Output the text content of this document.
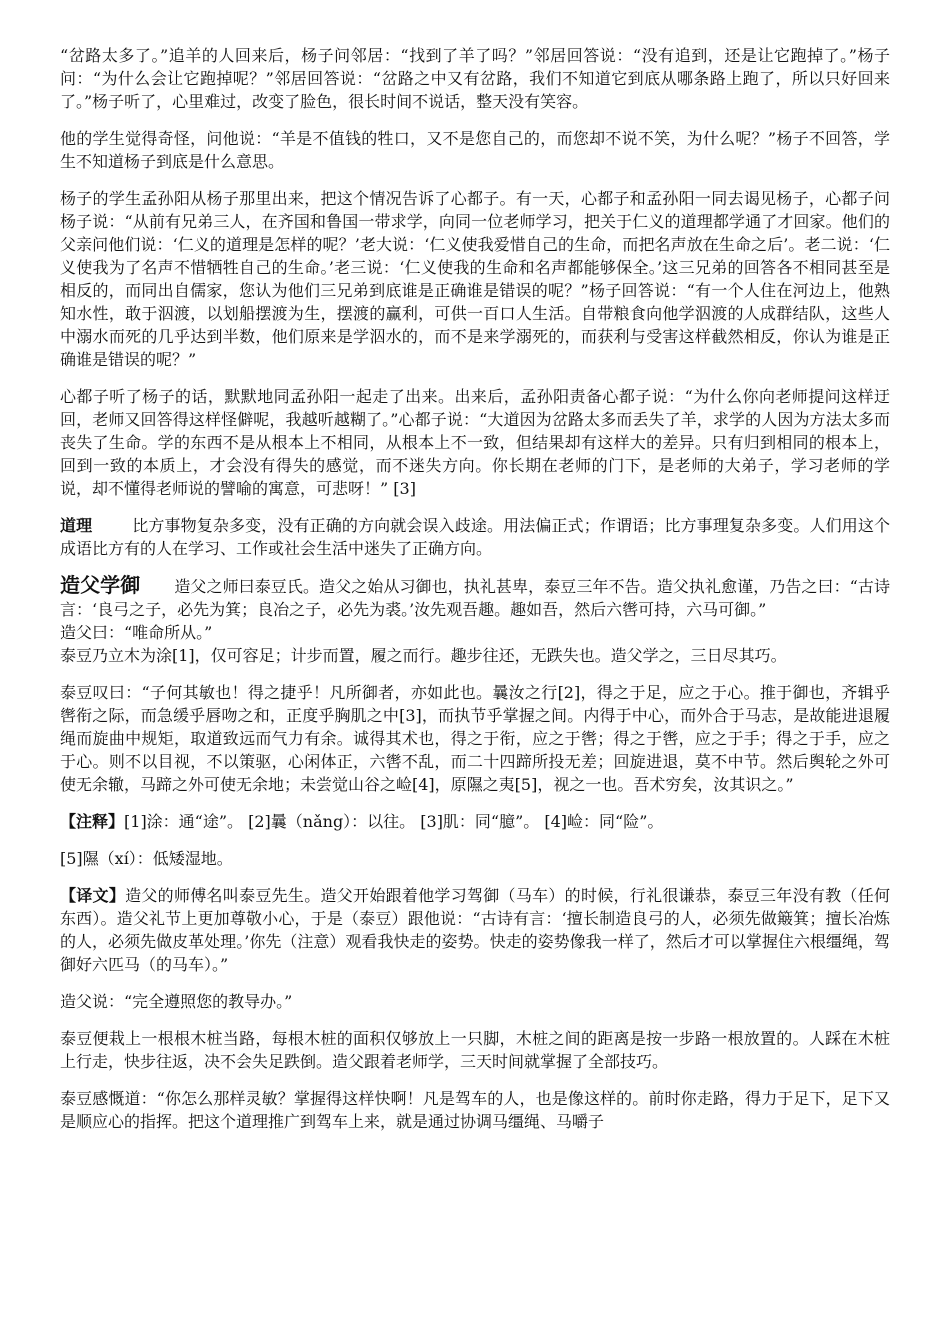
“岔路太多了。”追羊的人回来后，杨子问邻居：“找到了羊了吗？”邻居回答说：“没有追到，还是让它跑掉了。”杨子问：“为什么会让它跑掉呢？”邻居回答说：“岔路之中又有岔路，我们不知道它到底从哪条路上跑了，所以只好回来了。”杨子听了，心里难过，改变了脸色，很长时间不说话，整天没有笑容。

他的学生觉得奇怪，问他说：“羊是不值钱的牲口，又不是您自己的，而您却不说不笑，为什么呢？”杨子不回答，学生不知道杨子到底是什么意思。

杨子的学生孟孙阳从杨子那里出来，把这个情况告诉了心都子。有一天，心都子和孟孙阳一同去谒见杨子，心都子问杨子说：“从前有兄弟三人，在齐国和鲁国一带求学，向同一位老师学习，把关于仁义的道理都学通了才回家。他们的父亲问他们说：‘仁义的道理是怎样的呢？’老大说：‘仁义使我爱惜自己的生命，而把名声放在生命之后’。老二说：‘仁义使我为了名声不惜牺牲自己的生命。’老三说：‘仁义使我的生命和名声都能够保全。’这三兄弟的回答各不相同甚至是相反的，而同出自儒家，您认为他们三兄弟到底谁是正确谁是错误的呢？”杨子回答说：“有一个人住在河边上，他熟知水性，敢于泅渡，以划船摆渡为生，摆渡的赢利，可供一百口人生活。自带粮食向他学泅渡的人成群结队，这些人中溺水而死的几乎达到半数，他们原来是学泅水的，而不是来学溺死的，而获利与受害这样截然相反，你认为谁是正确谁是错误的呢？”

心都子听了杨子的话，默默地同孟孙阳一起走了出来。出来后，孟孙阳责备心都子说：“为什么你向老师提问这样迂回，老师又回答得这样怪僻呢，我越听越糊了。”心都子说：“大道因为岔路太多而丢失了羊，求学的人因为方法太多而丧失了生命。学的东西不是从根本上不相同，从根本上不一致，但结果却有这样大的差异。只有归到相同的根本上，回到一致的本质上，才会没有得失的感觉，而不迷失方向。你长期在老师的门下，是老师的大弟子，学习老师的学说，却不懂得老师说的譬喻的寓意，可悲呀！” [3]

道理	比方事物复杂多变，没有正确的方向就会误入歧途。用法偏正式；作谓语；比方事理复杂多变。人们用这个成语比方有的人在学习、工作或社会生活中迷失了正确方向。

造父学御 造父之师曰泰豆氏。造父之始从习御也，执礼甚卑，泰豆三年不告。造父执礼愈谨，乃告之曰：“古诗言：‘良弓之子，必先为箕；良冶之子，必先为裘。’汝先观吾趣。趣如吾，然后六辔可持，六马可御。”

造父曰：“唯命所从。”

泰豆乃立木为涂[1]，仅可容足；计步而置，履之而行。趣步往还，无跌失也。造父学之，三日尽其巧。

泰豆叹曰：“子何其敏也！得之捷乎！凡所御者，亦如此也。曩汝之行[2]，得之于足，应之于心。推于御也，齐辑乎辔衔之际，而急缓乎唇吻之和，正度乎胸肌之中[3]，而执节乎掌握之间。内得于中心，而外合于马志，是故能进退履绳而旋曲中规矩，取道致远而气力有余。诚得其术也，得之于衔，应之于辔；得之于辔，应之于手；得之于手，应之于心。则不以目视，不以策驱，心闲体正，六辔不乱，而二十四蹄所投无差；回旋进退，莫不中节。然后舆轮之外可使无余辙，马蹄之外可使无余地；未尝觉山谷之崄[4]，原隰之夷[5]，视之一也。吾术穷矣，汝其识之。”

【注释】[1]涂：通“途”。 [2]曩（nǎng）：以往。 [3]肌：同“臆”。 [4]崄：同“险”。

[5]隰（xí）：低矮湿地。

【译文】造父的师傅名叫泰豆先生。造父开始跟着他学习驾御（马车）的时候，行礼很谦恭，泰豆三年没有教（任何东西）。造父礼节上更加尊敬小心，于是（泰豆）跟他说：“古诗有言：‘擅长制造良弓的人，必须先做簸箕；擅长冶炼的人，必须先做皮革处理。’你先（注意）观看我快走的姿势。快走的姿势像我一样了，然后才可以掌握住六根缰绳，驾御好六匹马（的马车）。”

造父说：“完全遵照您的教导办。”

泰豆便栽上一根根木桩当路，每根木桩的面积仅够放上一只脚，木桩之间的距离是按一步路一根放置的。人踩在木桩上行走，快步往返，决不会失足跌倒。造父跟着老师学，三天时间就掌握了全部技巧。

泰豆感慨道：“你怎么那样灵敏？掌握得这样快啊！凡是驾车的人，也是像这样的。前时你走路，得力于足下，足下又是顺应心的指挥。把这个道理推广到驾车上来，就是通过协调马缰绳、马嚼子
